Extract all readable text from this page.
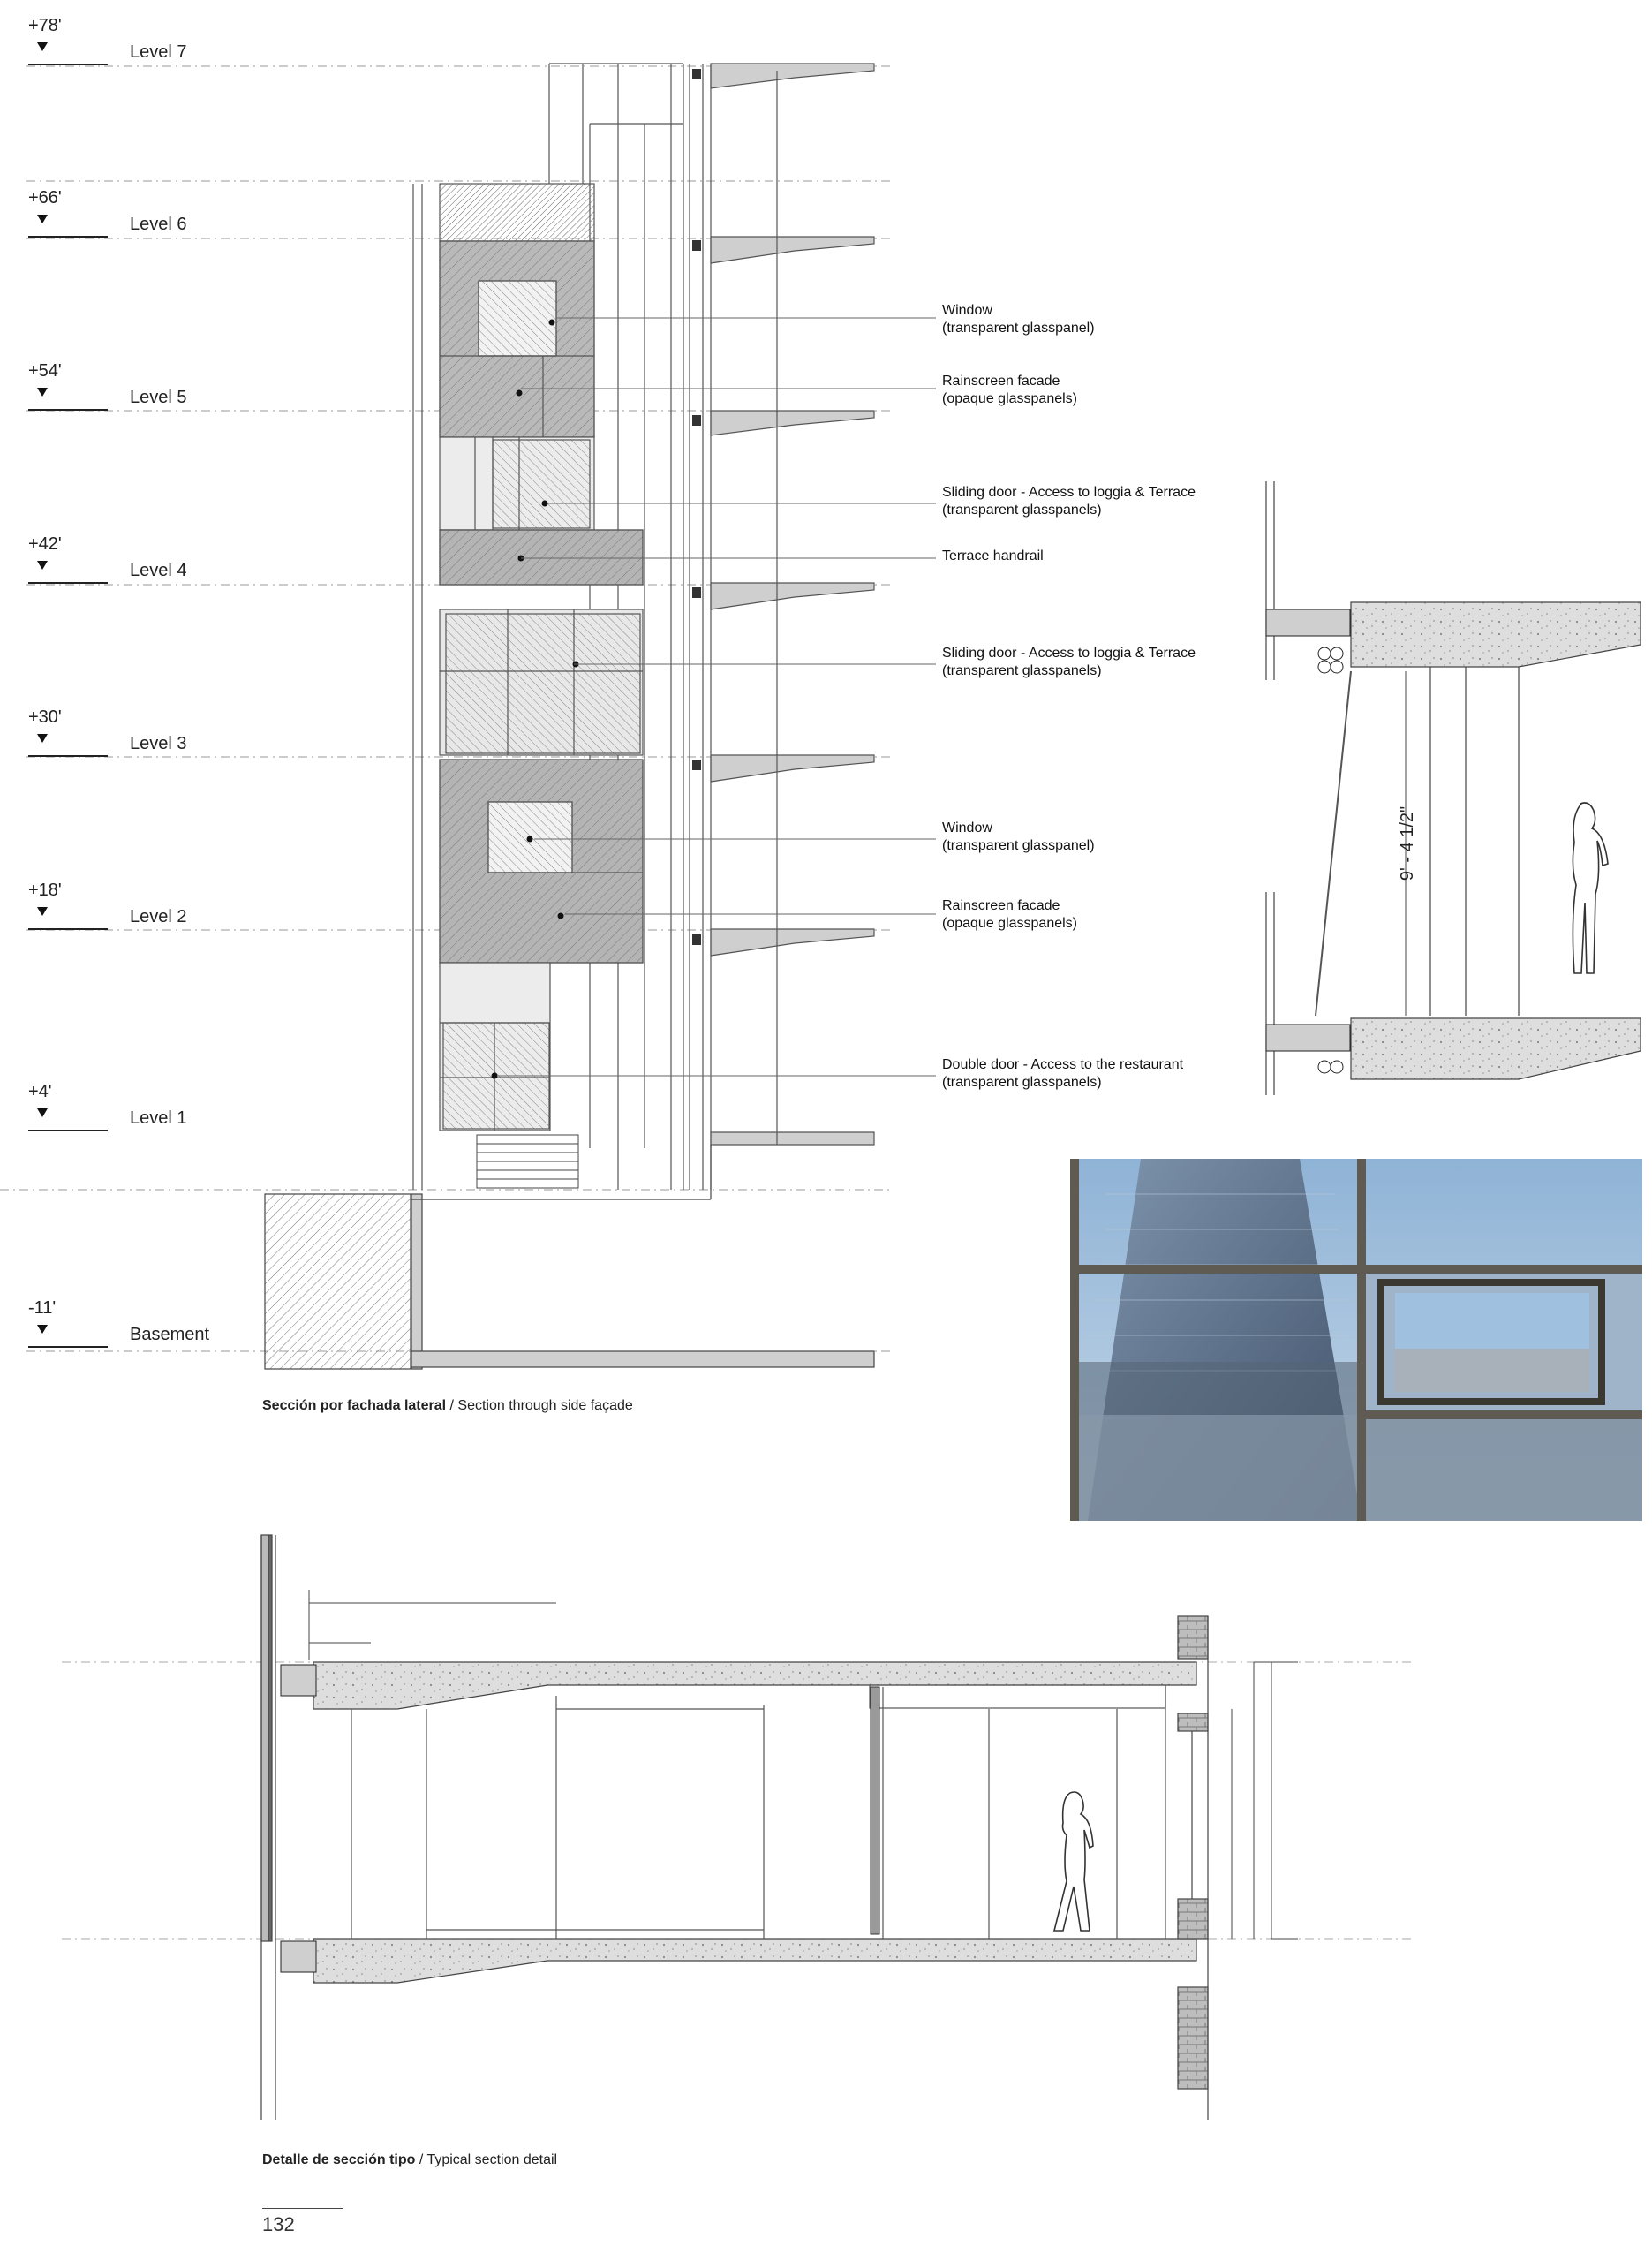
9' - 4 1/2"
+78'
Level 7
+66'
Level 6
+54'
Level 5
+42'
Level 4
+30'
Level 3
+18'
Level 2
+4'
Level 1
-11'
Basement
Window
(transparent glasspanel)
Rainscreen facade
(opaque glasspanels)
Sliding door - Access to loggia & Terrace
(transparent glasspanels)
Terrace handrail
Sliding door - Access to loggia & Terrace
(transparent glasspanels)
Window
(transparent glasspanel)
Rainscreen facade
(opaque glasspanels)
Double door - Access to the restaurant
(transparent glasspanels)
Sección por fachada lateral / Section through side façade
Detalle de sección tipo / Typical section detail
132
